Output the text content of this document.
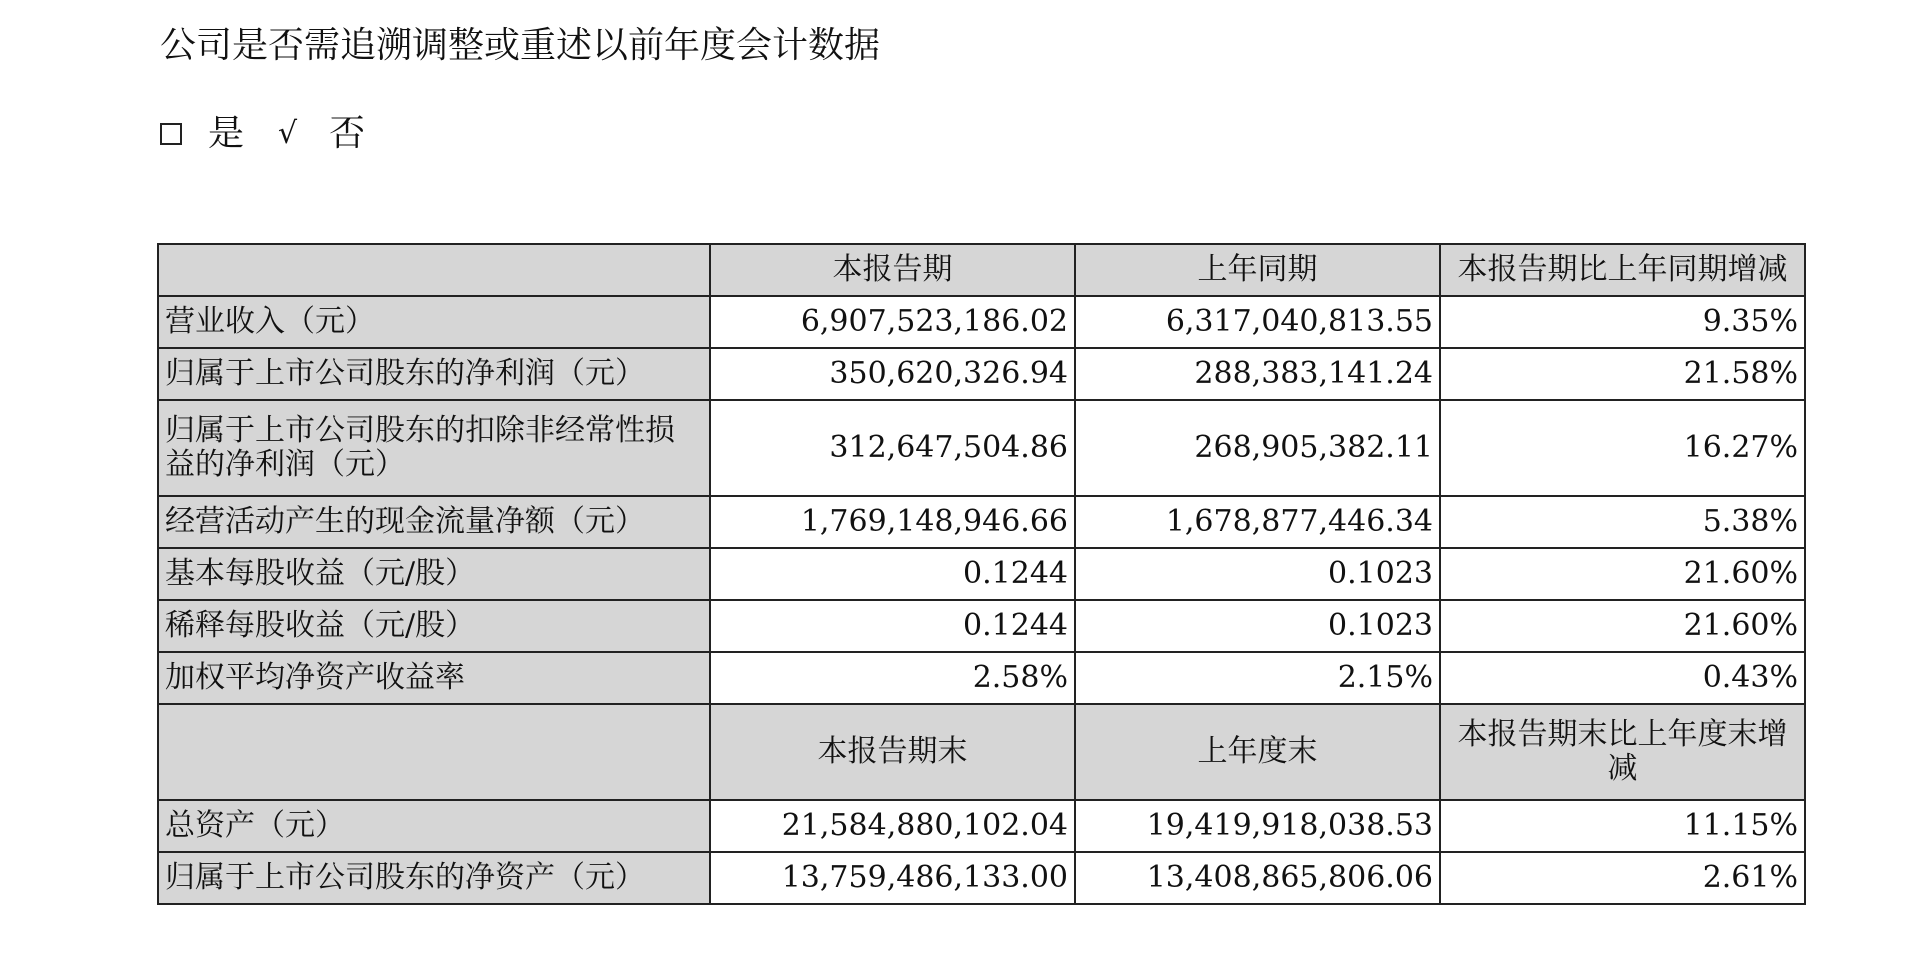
公司是否需追溯调整或重述以前年度会计数据
是 √ 否
	本报告期	上年同期	本报告期比上年同期增减
营业收入（元）	6,907,523,186.02	6,317,040,813.55	9.35%
归属于上市公司股东的净利润（元）	350,620,326.94	288,383,141.24	21.58%
归属于上市公司股东的扣除非经常性损益的净利润（元）	312,647,504.86	268,905,382.11	16.27%
经营活动产生的现金流量净额（元）	1,769,148,946.66	1,678,877,446.34	5.38%
基本每股收益（元/股）	0.1244	0.1023	21.60%
稀释每股收益（元/股）	0.1244	0.1023	21.60%
加权平均净资产收益率	2.58%	2.15%	0.43%
	本报告期末	上年度末	本报告期末比上年度末增减
总资产（元）	21,584,880,102.04	19,419,918,038.53	11.15%
归属于上市公司股东的净资产（元）	13,759,486,133.00	13,408,865,806.06	2.61%
